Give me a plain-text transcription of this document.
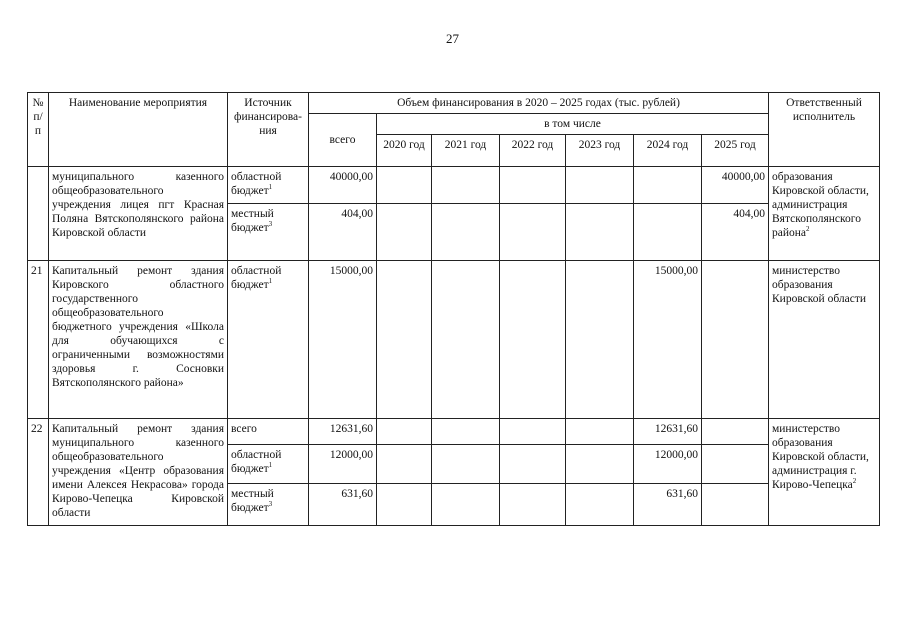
27
№ п/п	Наименование мероприятия	Источник финансирова-ния	Объем финансирования в 2020 – 2025 годах (тыс. рублей)							Ответственный исполнитель
			всего	в том числе						
				2020 год	2021 год	2022 год	2023 год	2024 год	2025 год	
	муниципального казенного общеобразовательного учреждения лицея пгт Красная Поляна Вятскополянского района Кировской области	областной бюджет$^1$	40000,00						40000,00	образования Кировской области, администрация Вятскополянского района$^2$
		местный бюджет$^3$	404,00						404,00	
21	Капитальный ремонт здания Кировского областного государственного общеобразовательного бюджетного учреждения «Школа для обучающихся с ограниченными возможностями здоровья г. Сосновки Вятскополянского района»	областной бюджет$^1$	15000,00					15000,00		министерство образования Кировской области
22	Капитальный ремонт здания муниципального казенного общеобразовательного учреждения «Центр образования имени Алексея Некрасова» города Кирово-Чепецка Кировской области	всего	12631,60					12631,60		министерство образования Кировской области, администрация г. Кирово-Чепецка$^2$
		областной бюджет$^1$	12000,00					12000,00		
		местный бюджет$^3$	631,60					631,60		
